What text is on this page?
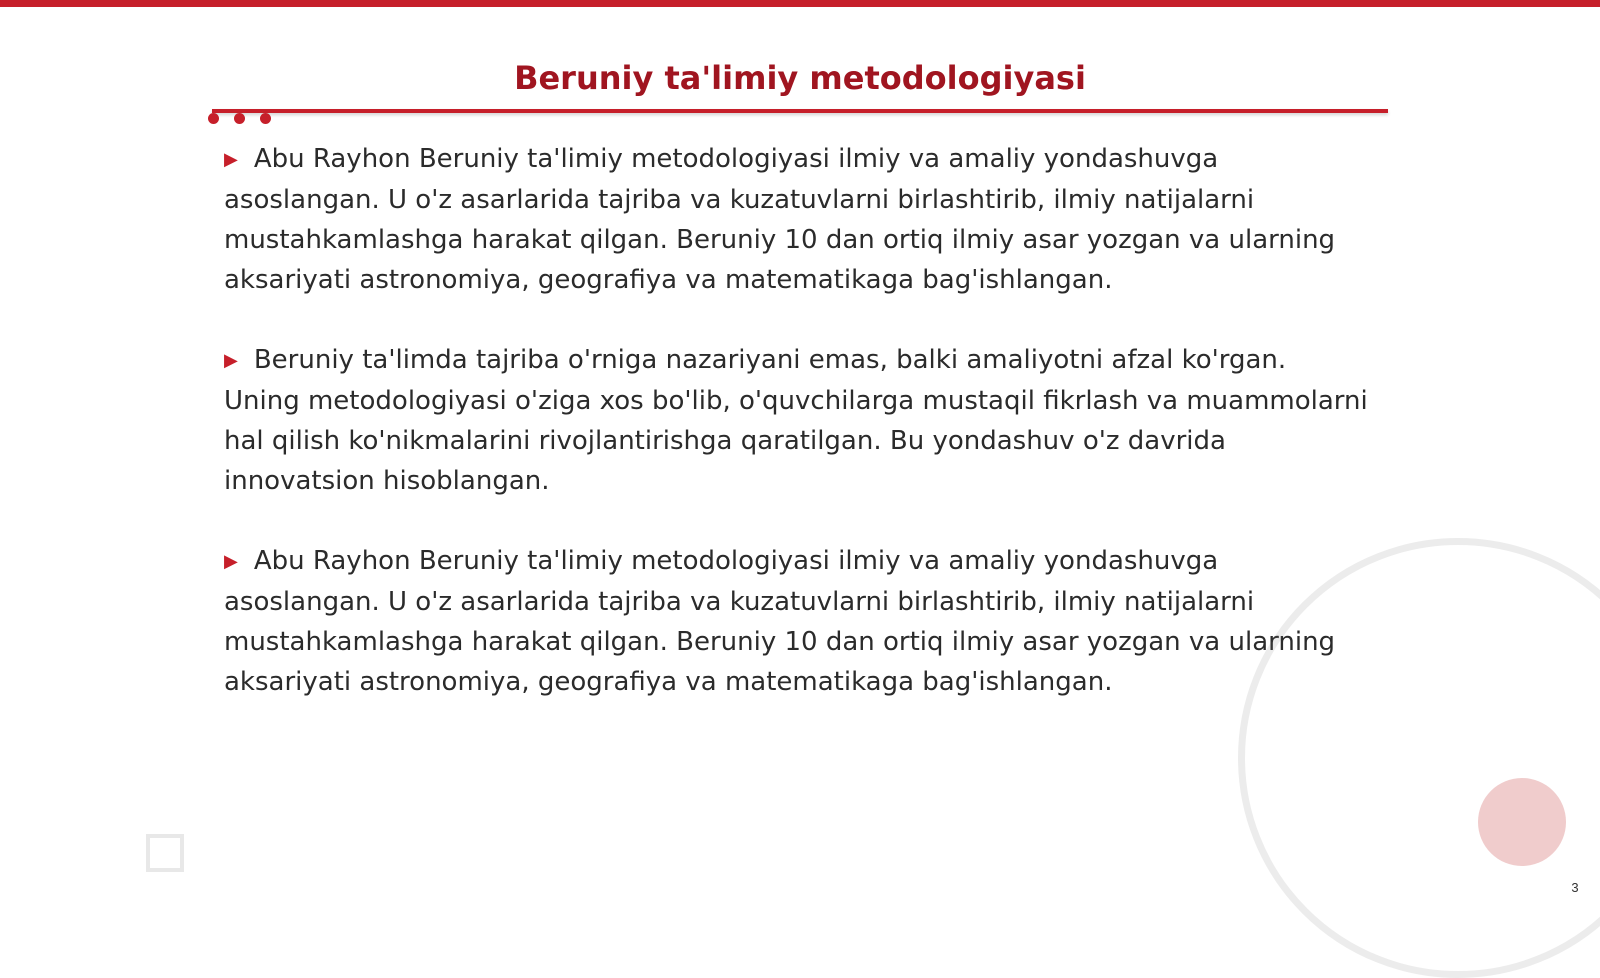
Beruniy ta'limiy metodologiyasi

▶ Abu Rayhon Beruniy ta'limiy metodologiyasi ilmiy va amaliy yondashuvga asoslangan. U o'z asarlarida tajriba va kuzatuvlarni birlashtirib, ilmiy natijalarni mustahkamlashga harakat qilgan. Beruniy 10 dan ortiq ilmiy asar yozgan va ularning aksariyati astronomiya, geografiya va matematikaga bag'ishlangan.

▶ Beruniy ta'limda tajriba o'rniga nazariyani emas, balki amaliyotni afzal ko'rgan. Uning metodologiyasi o'ziga xos bo'lib, o'quvchilarga mustaqil fikrlash va muammolarni hal qilish ko'nikmalarini rivojlantirishga qaratilgan. Bu yondashuv o'z davrida innovatsion hisoblangan.

▶ Abu Rayhon Beruniy ta'limiy metodologiyasi ilmiy va amaliy yondashuvga asoslangan. U o'z asarlarida tajriba va kuzatuvlarni birlashtirib, ilmiy natijalarni mustahkamlashga harakat qilgan. Beruniy 10 dan ortiq ilmiy asar yozgan va ularning aksariyati astronomiya, geografiya va matematikaga bag'ishlangan.

3
